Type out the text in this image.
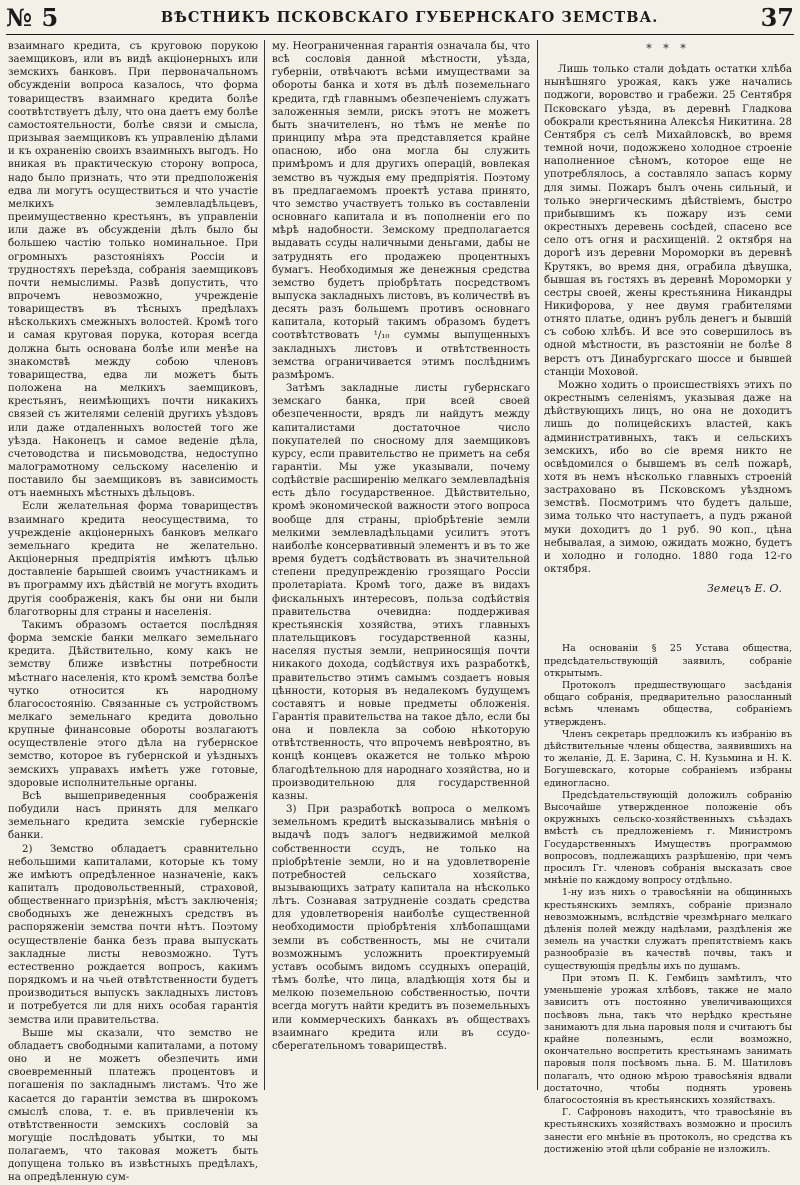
№ 5	ВѢСТНИКЪ ПСКОВСКАГО ГУБЕРНСКАГО ЗЕМСТВА.	37

взаимнаго кредита, съ круговою порукою заемщиковъ, или въ видѣ акціонерныхъ или земскихъ банковъ. При первоначальномъ обсужденіи вопроса казалось, что форма товариществъ взаимнаго кредита болѣе соотвѣтствуетъ дѣлу, что она даетъ ему болѣе самостоятельности, болѣе связи и смысла, призывая заемщиковъ къ управленію дѣлами и къ охраненію своихъ взаимныхъ выгодъ. Но вникая въ практическую сторону вопроса, надо было признать, что эти предположенія едва ли могутъ осуществиться и что участіе мелкихъ землевладѣльцевъ, преимущественно крестьянъ, въ управленіи или даже въ обсужденіи дѣлъ было бы большею частію только номинальное. При огромныхъ разстояніяхъ Россіи и трудностяхъ переѣзда, собранія заемщиковъ почти немыслимы. Развѣ допустить, что впрочемъ невозможно, учрежденіе товариществъ въ тѣсныхъ предѣлахъ нѣсколькихъ смежныхъ волостей. Кромѣ того и самая круговая порука, которая всегда должна быть основана болѣе или менѣе на знакомствѣ между собою членовъ товарищества, едва ли можетъ быть положена на мелкихъ заемщиковъ, крестьянъ, неимѣющихъ почти никакихъ связей съ жителями селеній другихъ уѣздовъ или даже отдаленныхъ волостей того же уѣзда. Наконецъ и самое веденіе дѣла, счетоводства и письмоводства, недоступно малограмотному сельскому населенію и поставило бы заемщиковъ въ зависимость отъ наемныхъ мѣстныхъ дѣльцовъ.

Если желательная форма товариществъ взаимнаго кредита неосуществима, то учрежденіе акціонерныхъ банковъ мелкаго земельнаго кредита не желательно. Акціонерныя предпріятія имѣютъ цѣлью доставленіе барышей своимъ участникамъ и въ программу ихъ дѣйствій не могутъ входить другія соображенія, какъ бы они ни были благотворны для страны и населенія.

Такимъ образомъ остается послѣдняя форма земскіе банки мелкаго земельнаго кредита. Дѣйствительно, кому какъ не земству ближе извѣстны потребности мѣстнаго населенія, кто кромѣ земства болѣе чутко относится къ народному благосостоянію. Связанные съ устройствомъ мелкаго земельнаго кредита довольно крупные финансовые обороты возлагаютъ осуществленіе этого дѣла на губернское земство, которое въ губернской и уѣздныхъ земскихъ управахъ имѣетъ уже готовые, здоровые исполнительные органы.

Всѣ вышеприведенныя соображенія побудили насъ принять для мелкаго земельнаго кредита земскіе губернскіе банки.

2) Земство обладаетъ сравнительно небольшими капиталами, которые къ тому же имѣютъ опредѣленное назначеніе, какъ капиталъ продовольственный, страховой, общественнаго призрѣнія, мѣстъ заключенія; свободныхъ же денежныхъ средствъ въ распоряженіи земства почти нѣтъ. Поэтому осуществленіе банка безъ права выпускать закладные листы невозможно. Тутъ естественно рождается вопросъ, какимъ порядкомъ и на чьей отвѣтственности будетъ производиться выпускъ закладныхъ листовъ и потребуется ли для нихъ особая гарантія земства или правительства.

Выше мы сказали, что земство не обладаетъ свободными капиталами, а потому оно и не можетъ обезпечить ими своевременный платежъ процентовъ и погашенія по закладнымъ листамъ. Что же касается до гарантіи земства въ широкомъ смыслѣ слова, т. е. въ привлеченіи къ отвѣтственности земскихъ сословій за могущіе послѣдовать убытки, то мы полагаемъ, что таковая можетъ быть допущена только въ извѣстныхъ предѣлахъ, на опредѣленную сум-

му. Неограниченная гарантія означала бы, что всѣ сословія данной мѣстности, уѣзда, губерніи, отвѣчаютъ всѣми имуществами за обороты банка и хотя въ дѣлѣ поземельнаго кредита, гдѣ главнымъ обезпеченіемъ служатъ заложенныя земли, рискъ этотъ не можетъ быть значителенъ, но тѣмъ не менѣе по принципу мѣра эта представляется крайне опасною, ибо она могла бы служить примѣромъ и для другихъ операцій, вовлекая земство въ чуждыя ему предпріятія. Поэтому въ предлагаемомъ проектѣ устава принято, что земство участвуетъ только въ составленіи основнаго капитала и въ пополненіи его по мѣрѣ надобности. Земскому предполагается выдавать ссуды наличными деньгами, дабы не затруднять его продажею процентныхъ бумагъ. Необходимыя же денежныя средства земство будетъ пріобрѣтать посредствомъ выпуска закладныхъ листовъ, въ количествѣ въ десять разъ большемъ противъ основнаго капитала, который такимъ образомъ будетъ соотвѣтствовать ¹/₁₀ суммы выпущенныхъ закладныхъ листовъ и отвѣтственность земства ограничивается этимъ послѣднимъ размѣромъ.

Затѣмъ закладные листы губернскаго земскаго банка, при всей своей обезпеченности, врядъ ли найдутъ между капиталистами достаточное число покупателей по сносному для заемщиковъ курсу, если правительство не приметъ на себя гарантіи. Мы уже указывали, почему содѣйствіе расширенію мелкаго землевладѣнія есть дѣло государственное. Дѣйствительно, кромѣ экономической важности этого вопроса вообще для страны, пріобрѣтеніе земли мелкими землевладѣльцами усилитъ этотъ наиболѣе консервативный элементъ и въ то же время будетъ содѣйствовать въ значительной степени предупрежденію грозящаго Россіи пролетаріата. Кромѣ того, даже въ видахъ фискальныхъ интересовъ, польза содѣйствія правительства очевидна: поддерживая крестьянскія хозяйства, этихъ главныхъ плательщиковъ государственной казны, населяя пустыя земли, неприносящія почти никакого дохода, содѣйствуя ихъ разработкѣ, правительство этимъ самымъ создаетъ новыя цѣнности, которыя въ недалекомъ будущемъ составятъ и новые предметы обложенія. Гарантія правительства на такое дѣло, если бы она и повлекла за собою нѣкоторую отвѣтственность, что впрочемъ невѣроятно, въ концѣ концевъ окажется не только мѣрою благодѣтельною для народнаго хозяйства, но и производительною для государственной казны.

3) При разработкѣ вопроса о мелкомъ земельномъ кредитѣ высказывались мнѣнія о выдачѣ подъ залогъ недвижимой мелкой собственности ссудъ, не только на пріобрѣтеніе земли, но и на удовлетвореніе потребностей сельскаго хозяйства, вызывающихъ затрату капитала на нѣсколько лѣтъ. Сознавая затрудненіе создать средства для удовлетворенія наиболѣе существенной необходимости пріобрѣтенія хлѣбопашцами земли въ собственность, мы не считали возможнымъ усложнить проектируемый уставъ особымъ видомъ ссудныхъ операцій, тѣмъ болѣе, что лица, владѣющія хотя бы и мелкою поземельною собственностью, почти всегда могутъ найти кредитъ въ поземельныхъ или коммерческихъ банкахъ въ обществахъ взаимнаго кредита или въ ссудо-сберегательномъ товариществѣ.

* * *

Лишь только стали доѣдать остатки хлѣба нынѣшняго урожая, какъ уже начались поджоги, воровство и грабежи. 25 Сентября Псковскаго уѣзда, въ деревнѣ Гладкова обокрали крестьянина Алексѣя Никитина. 28 Сентября съ селѣ Михайловскѣ, во время темной ночи, подожжено холодное строеніе наполненное сѣномъ, которое еще не употреблялось, а составляло запасъ корму для зимы. Пожаръ былъ очень сильный, и только энергическимъ дѣйствіемъ, быстро прибывшимъ къ пожару изъ семи окрестныхъ деревень сосѣдей, спасено все село отъ огня и расхищеній. 2 октября на дорогѣ изъ деревни Мороморки въ деревнѣ Крутякъ, во время дня, ограбила дѣвушка, бывшая въ гостяхъ въ деревнѣ Мороморки у сестры своей, жены крестьянина Никандры Никифорова, у нее двумя грабителями отнято платье, одинъ рубль денегъ и бывшій съ собою хлѣбъ. И все это совершилось въ одной мѣстности, въ разстояніи не болѣе 8 верстъ отъ Динабургскаго шоссе и бывшей станціи Моховой.

Можно ходить о происшествіяхъ этихъ по окрестнымъ селеніямъ, указывая даже на дѣйствующихъ лицъ, но она не доходитъ лишь до полицейскихъ властей, какъ административныхъ, такъ и сельскихъ земскихъ, ибо во сіе время никто не освѣдомился о бывшемъ въ селѣ пожарѣ, хотя въ немъ нѣсколько главныхъ строеній застраховано въ Псковскомъ уѣздномъ земствѣ. Посмотримъ что будетъ дальше, зима только что наступаетъ, а пудъ ржаной муки доходитъ до 1 руб. 90 коп., цѣна небывалая, а зимою, ожидать можно, будетъ и холодно и голодно. 1880 года 12-го октября.

Земецъ Е. О.

На основаніи § 25 Устава общества, предсѣдательствующій заявилъ, собраніе открытымъ.

Протоколъ предшествующаго засѣданія общаго собранія, предварительно разосланный всѣмъ членамъ общества, собраніемъ утвержденъ.

Членъ секретарь предложилъ къ избранію въ дѣйствительные члены общества, заявившихъ на то желаніе, Д. Е. Зарина, С. Н. Кузьмина и Н. К. Богушевскаго, которые собраніемъ избраны единогласно.

Предсѣдательствующій доложилъ собранію Высочайше утвержденное положеніе объ окружныхъ сельско-хозяйственныхъ съѣздахъ вмѣстѣ съ предложеніемъ г. Министромъ Государственныхъ Имуществъ программою вопросовъ, подлежащихъ разрѣшенію, при чемъ просилъ Гг. членовъ собранія высказать свое мнѣніе по каждому вопросу отдѣльно.

1-ну изъ нихъ о травосѣяніи на общинныхъ крестьянскихъ земляхъ, собраніе признало невозможнымъ, вслѣдствіе чрезмѣрнаго мелкаго дѣленія полей между надѣлами, раздѣленія же земель на участки служатъ препятствіемъ какъ разнообразіе въ качествѣ почвы, такъ и существующія предѣлы ихъ по душамъ.

При этомъ П. К. Гембицъ замѣтилъ, что уменьшеніе урожая хлѣбовъ, также не мало зависитъ отъ постоянно увеличивающихся посѣвовъ льна, такъ что нерѣдко крестьяне занимаютъ для льна паровыя поля и считаютъ бы крайне полезнымъ, если возможно, окончательно воспретить крестьянамъ занимать паровыя поля посѣвомъ льна. Б. М. Шатиловъ полагалъ, что одною мѣрою травосѣянія вдвали достаточно, чтобы поднять уровень благосостоянія въ крестьянскихъ хозяйствахъ.

Г. Сафроновъ находитъ, что травосѣяніе въ крестьянскихъ хозяйствахъ возможно и просилъ занести его мнѣніе въ протоколъ, но средства къ достиженію этой цѣли собраніе не изложилъ.
